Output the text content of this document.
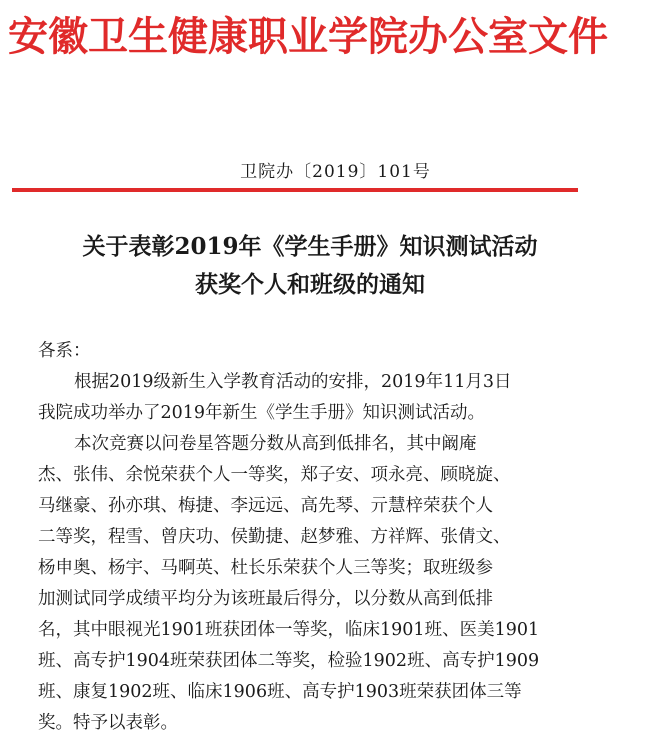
安徽卫生健康职业学院办公室文件
卫院办〔2019〕101号
关于表彰2019年《学生手册》知识测试活动
获奖个人和班级的通知

各系：

根据2019级新生入学教育活动的安排，2019年11月3日

我院成功举办了2019年新生《学生手册》知识测试活动。

本次竞赛以问卷星答题分数从高到低排名，其中阚庵

杰、张伟、余悦荣获个人一等奖，郑子安、项永亮、顾晓旋、

马继豪、孙亦琪、梅捷、李远远、高先琴、亓慧梓荣获个人

二等奖，程雪、曾庆功、侯勤捷、赵梦雅、方祥辉、张倩文、

杨申奥、杨宇、马啊英、杜长乐荣获个人三等奖；取班级参

加测试同学成绩平均分为该班最后得分，以分数从高到低排

名，其中眼视光1901班获团体一等奖，临床1901班、医美1901

班、高专护1904班荣获团体二等奖，检验1902班、高专护1909

班、康复1902班、临床1906班、高专护1903班荣获团体三等

奖。特予以表彰。
